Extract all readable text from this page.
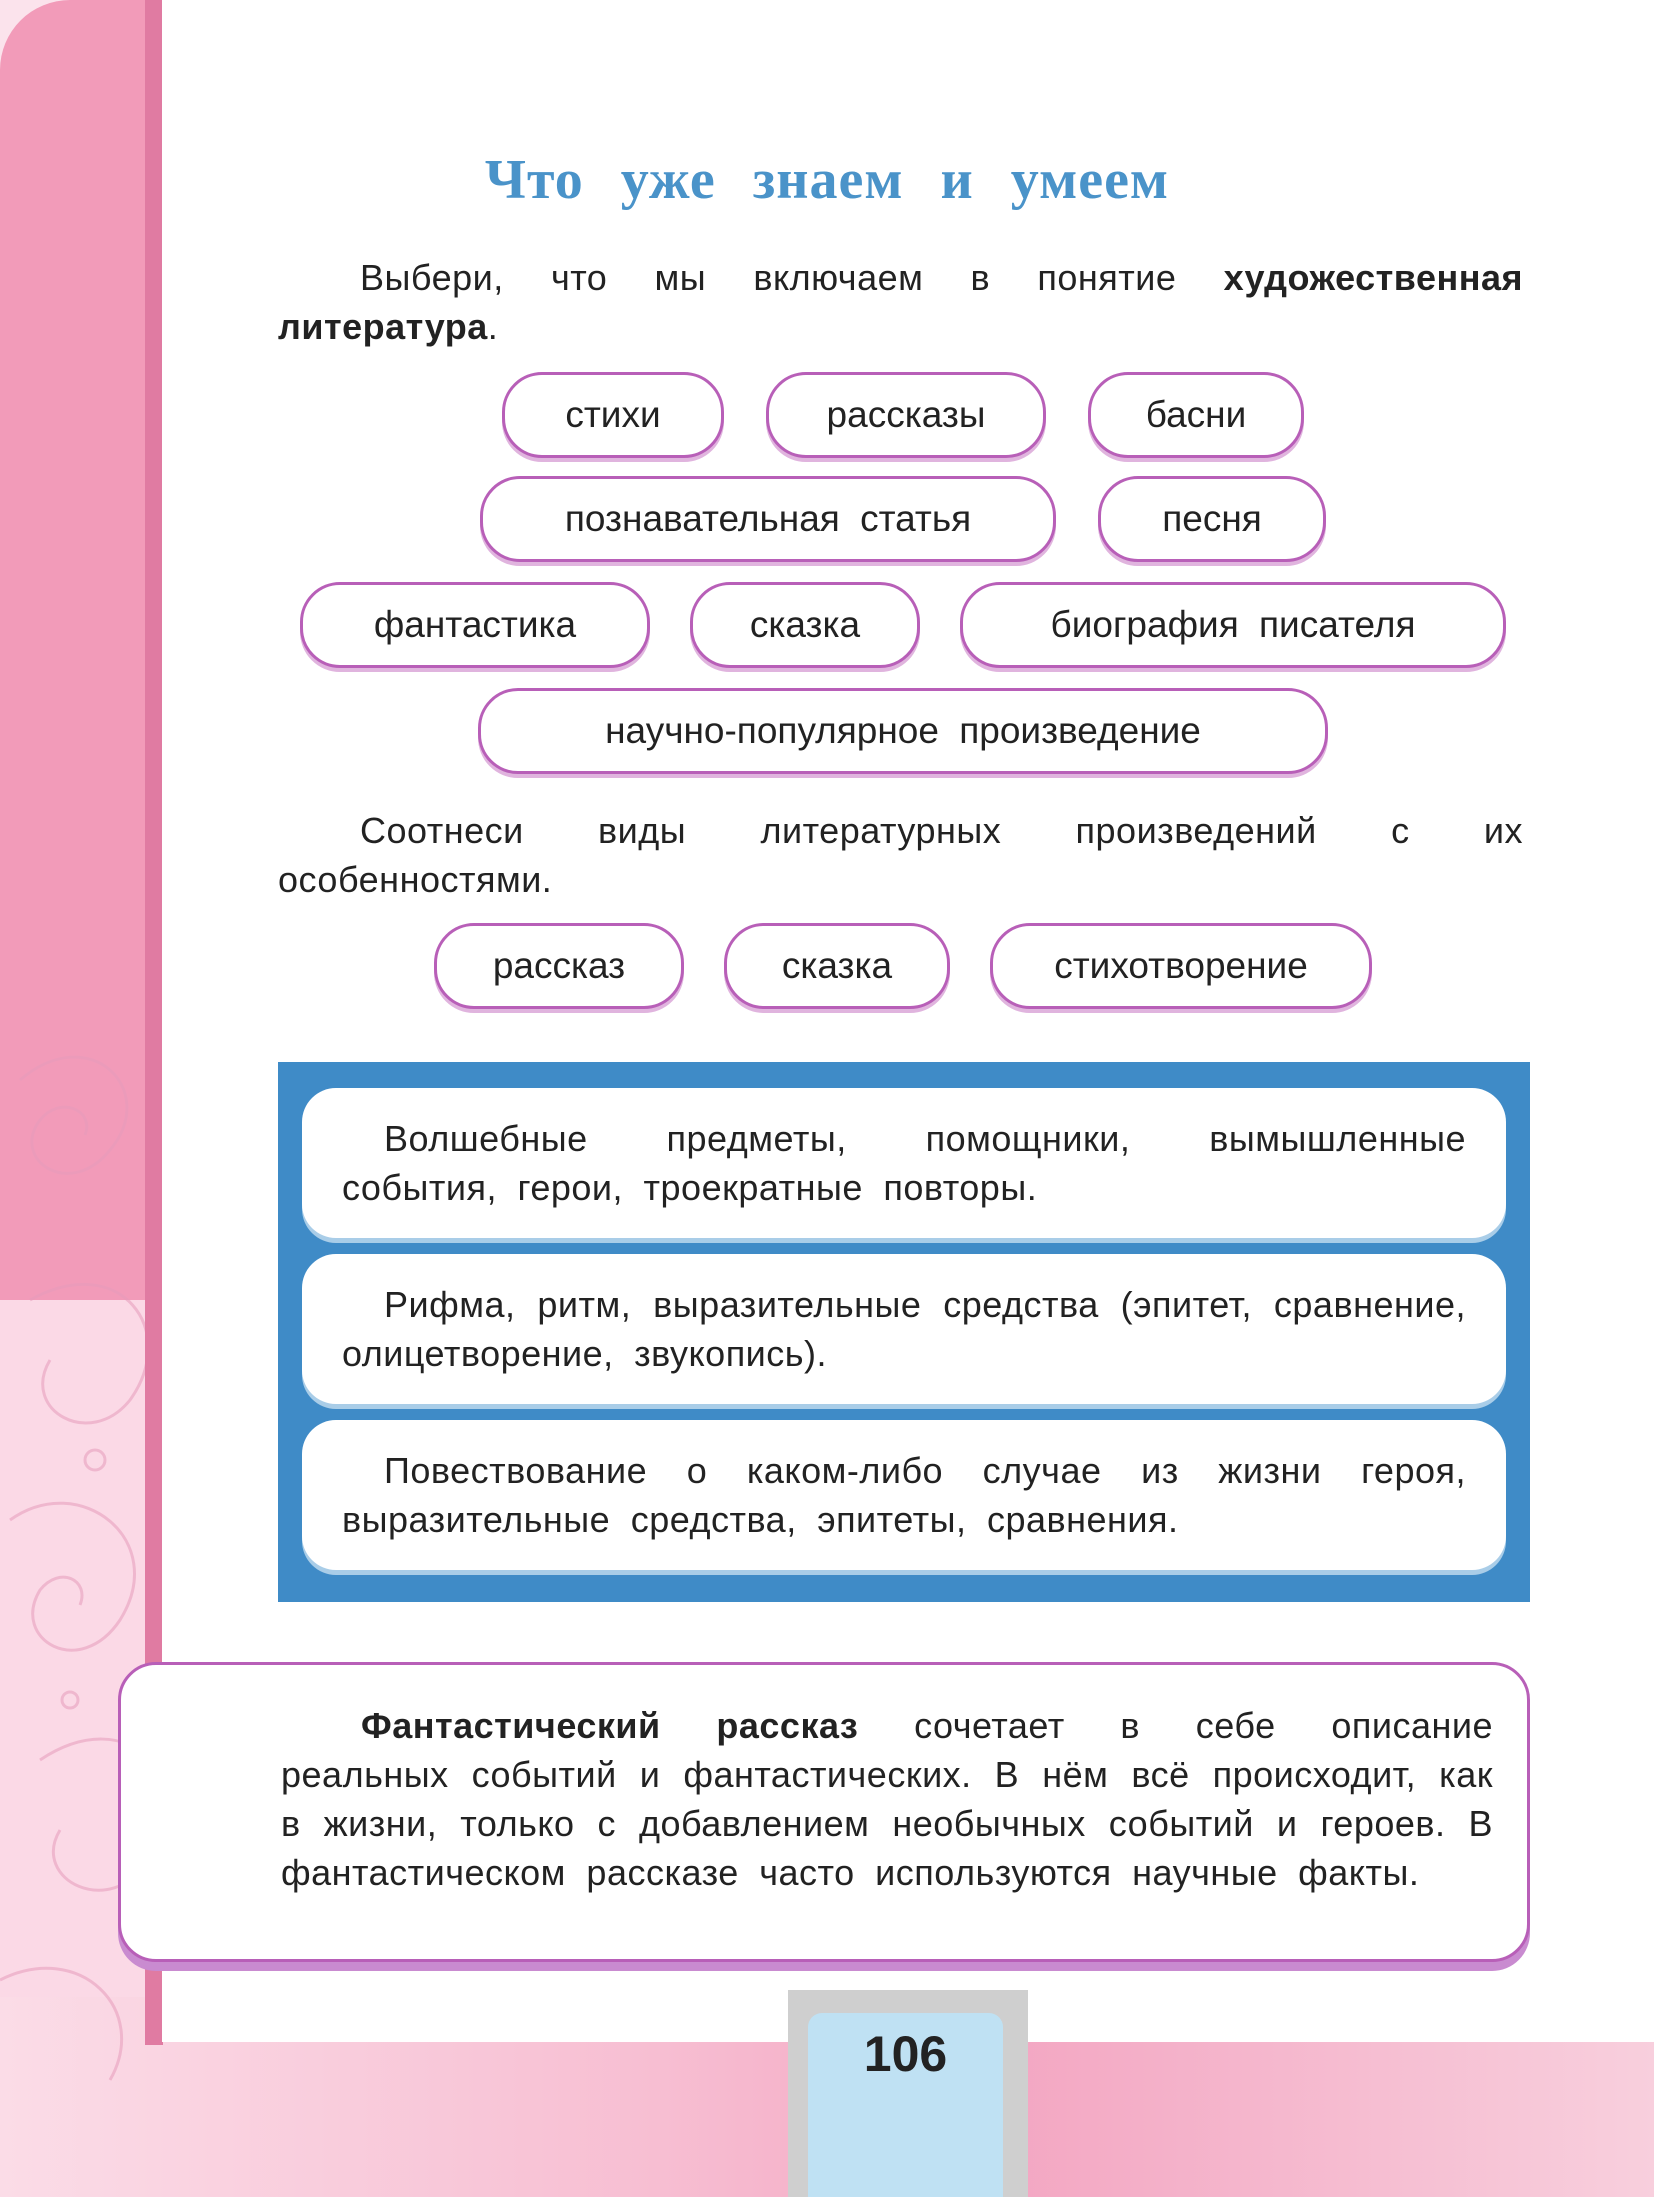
Что уже знаем и умеем
Выбери, что мы включаем в понятие художественная литература.
стихи	рассказы	басни
познавательная статья	песня
фантастика	сказка	биография писателя
научно-популярное произведение
Соотнеси виды литературных произведений с их особенностями.
рассказ	сказка	стихотворение
Волшебные предметы, помощники, вымышленные события, герои, троекратные повторы.
Рифма, ритм, выразительные средства (эпитет, сравнение, олицетворение, звукопись).
Повествование о каком-либо случае из жизни героя, выразительные средства, эпитеты, сравнения.
Фантастический рассказ сочетает в себе описание реальных событий и фантастических. В нём всё происходит, как в жизни, только с добавлением необычных событий и героев. В фантастическом рассказе часто используются научные факты.
106
